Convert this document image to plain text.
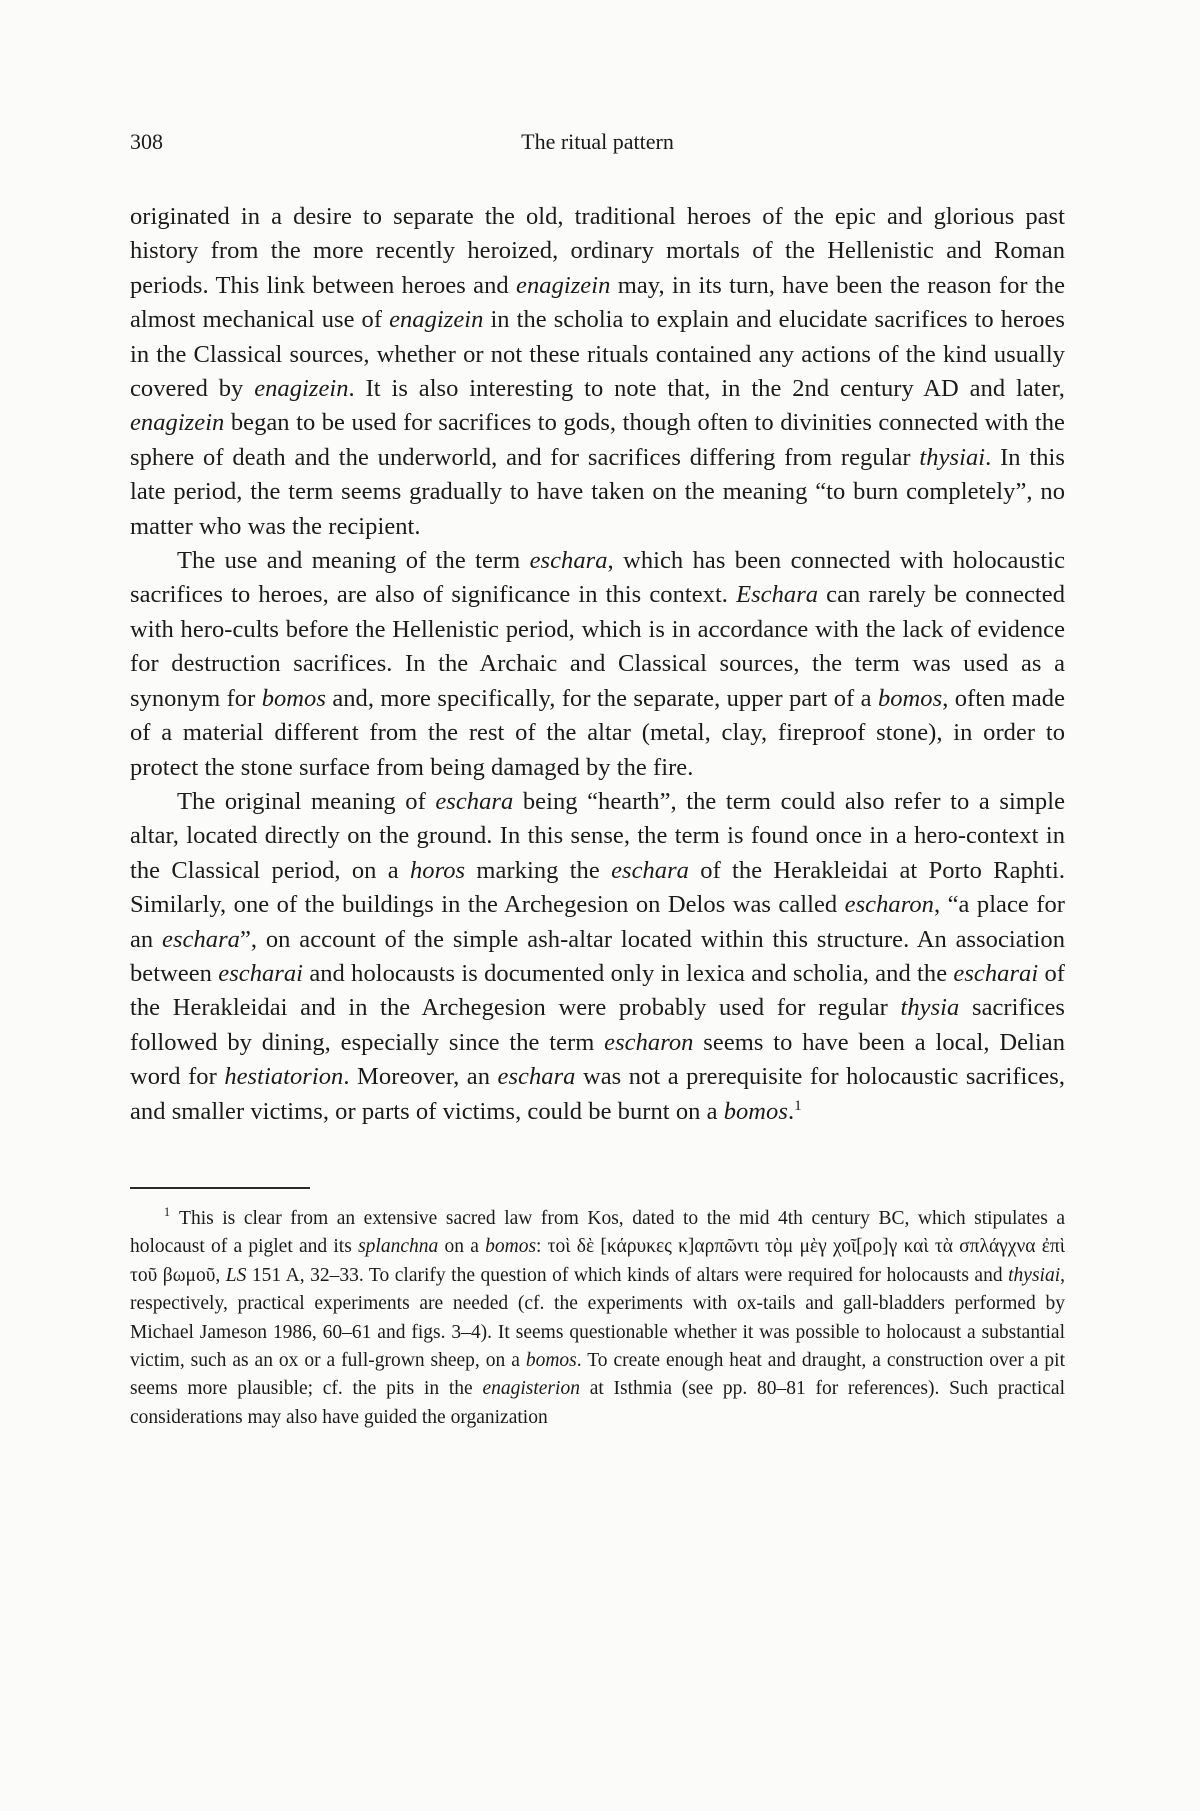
308	The ritual pattern

originated in a desire to separate the old, traditional heroes of the epic and glorious past history from the more recently heroized, ordinary mortals of the Hellenistic and Roman periods. This link between heroes and enagizein may, in its turn, have been the reason for the almost mechanical use of enagizein in the scholia to explain and elucidate sacrifices to heroes in the Classical sources, whether or not these rituals contained any actions of the kind usually covered by enagizein. It is also interesting to note that, in the 2nd century AD and later, enagizein began to be used for sacrifices to gods, though often to divinities connected with the sphere of death and the underworld, and for sacrifices differing from regular thysiai. In this late period, the term seems gradually to have taken on the meaning “to burn completely”, no matter who was the recipient.

The use and meaning of the term eschara, which has been connected with holocaustic sacrifices to heroes, are also of significance in this context. Eschara can rarely be connected with hero-cults before the Hellenistic period, which is in accordance with the lack of evidence for destruction sacrifices. In the Archaic and Classical sources, the term was used as a synonym for bomos and, more specifically, for the separate, upper part of a bomos, often made of a material different from the rest of the altar (metal, clay, fireproof stone), in order to protect the stone surface from being damaged by the fire.

The original meaning of eschara being “hearth”, the term could also refer to a simple altar, located directly on the ground. In this sense, the term is found once in a hero-context in the Classical period, on a horos marking the eschara of the Herakleidai at Porto Raphti. Similarly, one of the buildings in the Archegesion on Delos was called escharon, “a place for an eschara”, on account of the simple ash-altar located within this structure. An association between escharai and holocausts is documented only in lexica and scholia, and the escharai of the Herakleidai and in the Archegesion were probably used for regular thysia sacrifices followed by dining, especially since the term escharon seems to have been a local, Delian word for hestiatorion. Moreover, an eschara was not a prerequisite for holocaustic sacrifices, and smaller victims, or parts of victims, could be burnt on a bomos.$^1$

$^1$ This is clear from an extensive sacred law from Kos, dated to the mid 4th century BC, which stipulates a holocaust of a piglet and its splanchna on a bomos: τοὶ δὲ [κάρυκες κ]αρπῶντι τὸμ μὲγ χοῖ[ρο]γ καὶ τὰ σπλάγχνα ἐπὶ τοῦ βωμοῦ, LS 151 A, 32–33. To clarify the question of which kinds of altars were required for holocausts and thysiai, respectively, practical experiments are needed (cf. the experiments with ox-tails and gall-bladders performed by Michael Jameson 1986, 60–61 and figs. 3–4). It seems questionable whether it was possible to holocaust a substantial victim, such as an ox or a full-grown sheep, on a bomos. To create enough heat and draught, a construction over a pit seems more plausible; cf. the pits in the enagisterion at Isthmia (see pp. 80–81 for references). Such practical considerations may also have guided the organization
